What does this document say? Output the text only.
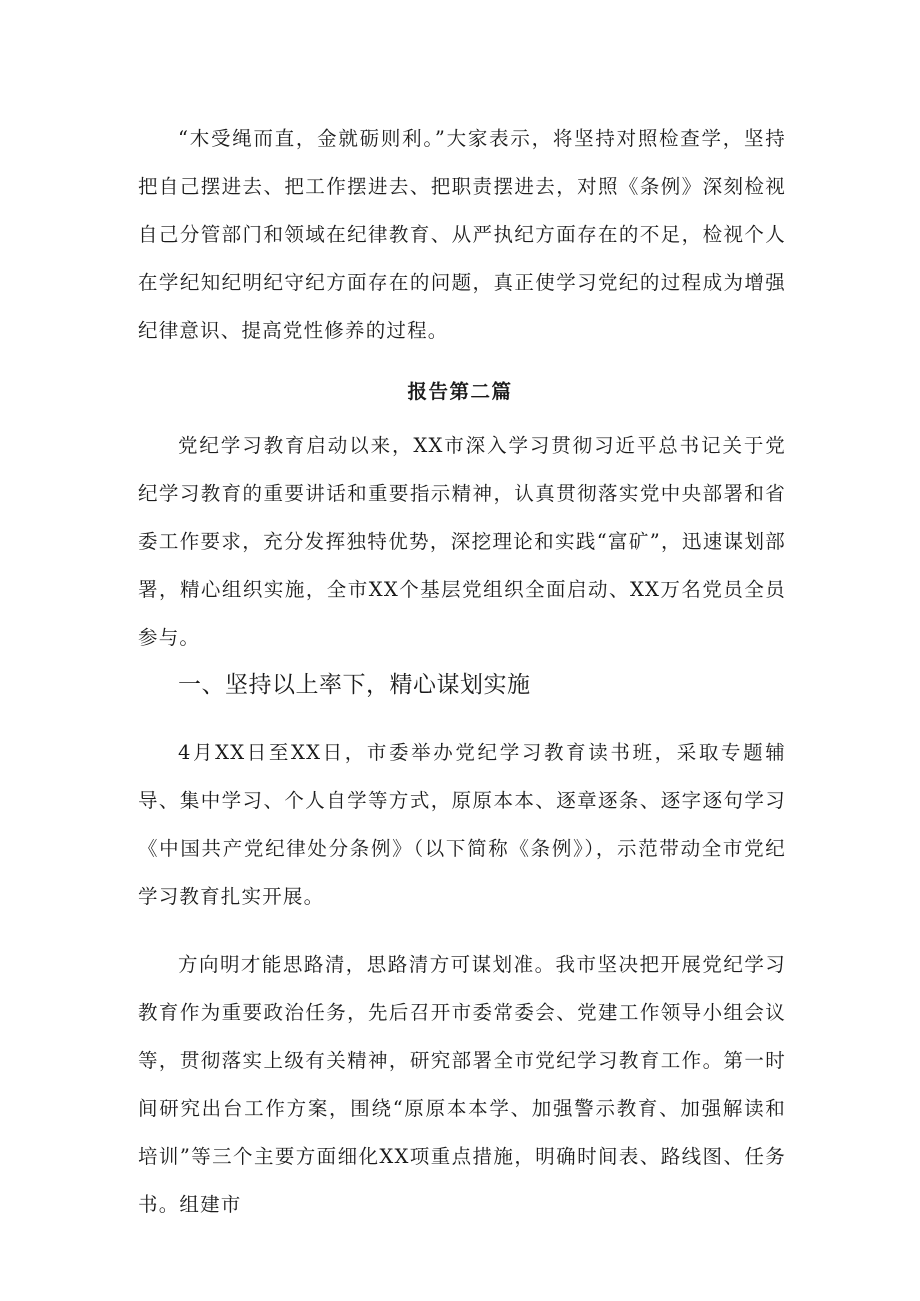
“木受绳而直，金就砺则利。”大家表示，将坚持对照检查学，坚持把自己摆进去、把工作摆进去、把职责摆进去，对照《条例》深刻检视自己分管部门和领域在纪律教育、从严执纪方面存在的不足，检视个人在学纪知纪明纪守纪方面存在的问题，真正使学习党纪的过程成为增强纪律意识、提高党性修养的过程。

报告第二篇

党纪学习教育启动以来，XX市深入学习贯彻习近平总书记关于党纪学习教育的重要讲话和重要指示精神，认真贯彻落实党中央部署和省委工作要求，充分发挥独特优势，深挖理论和实践“富矿”，迅速谋划部署，精心组织实施，全市XX个基层党组织全面启动、XX万名党员全员参与。

一、坚持以上率下，精心谋划实施

4月XX日至XX日，市委举办党纪学习教育读书班，采取专题辅导、集中学习、个人自学等方式，原原本本、逐章逐条、逐字逐句学习《中国共产党纪律处分条例》（以下简称《条例》），示范带动全市党纪学习教育扎实开展。

方向明才能思路清，思路清方可谋划准。我市坚决把开展党纪学习教育作为重要政治任务，先后召开市委常委会、党建工作领导小组会议等，贯彻落实上级有关精神，研究部署全市党纪学习教育工作。第一时间研究出台工作方案，围绕“原原本本学、加强警示教育、加强解读和培训”等三个主要方面细化XX项重点措施，明确时间表、路线图、任务书。组建市
